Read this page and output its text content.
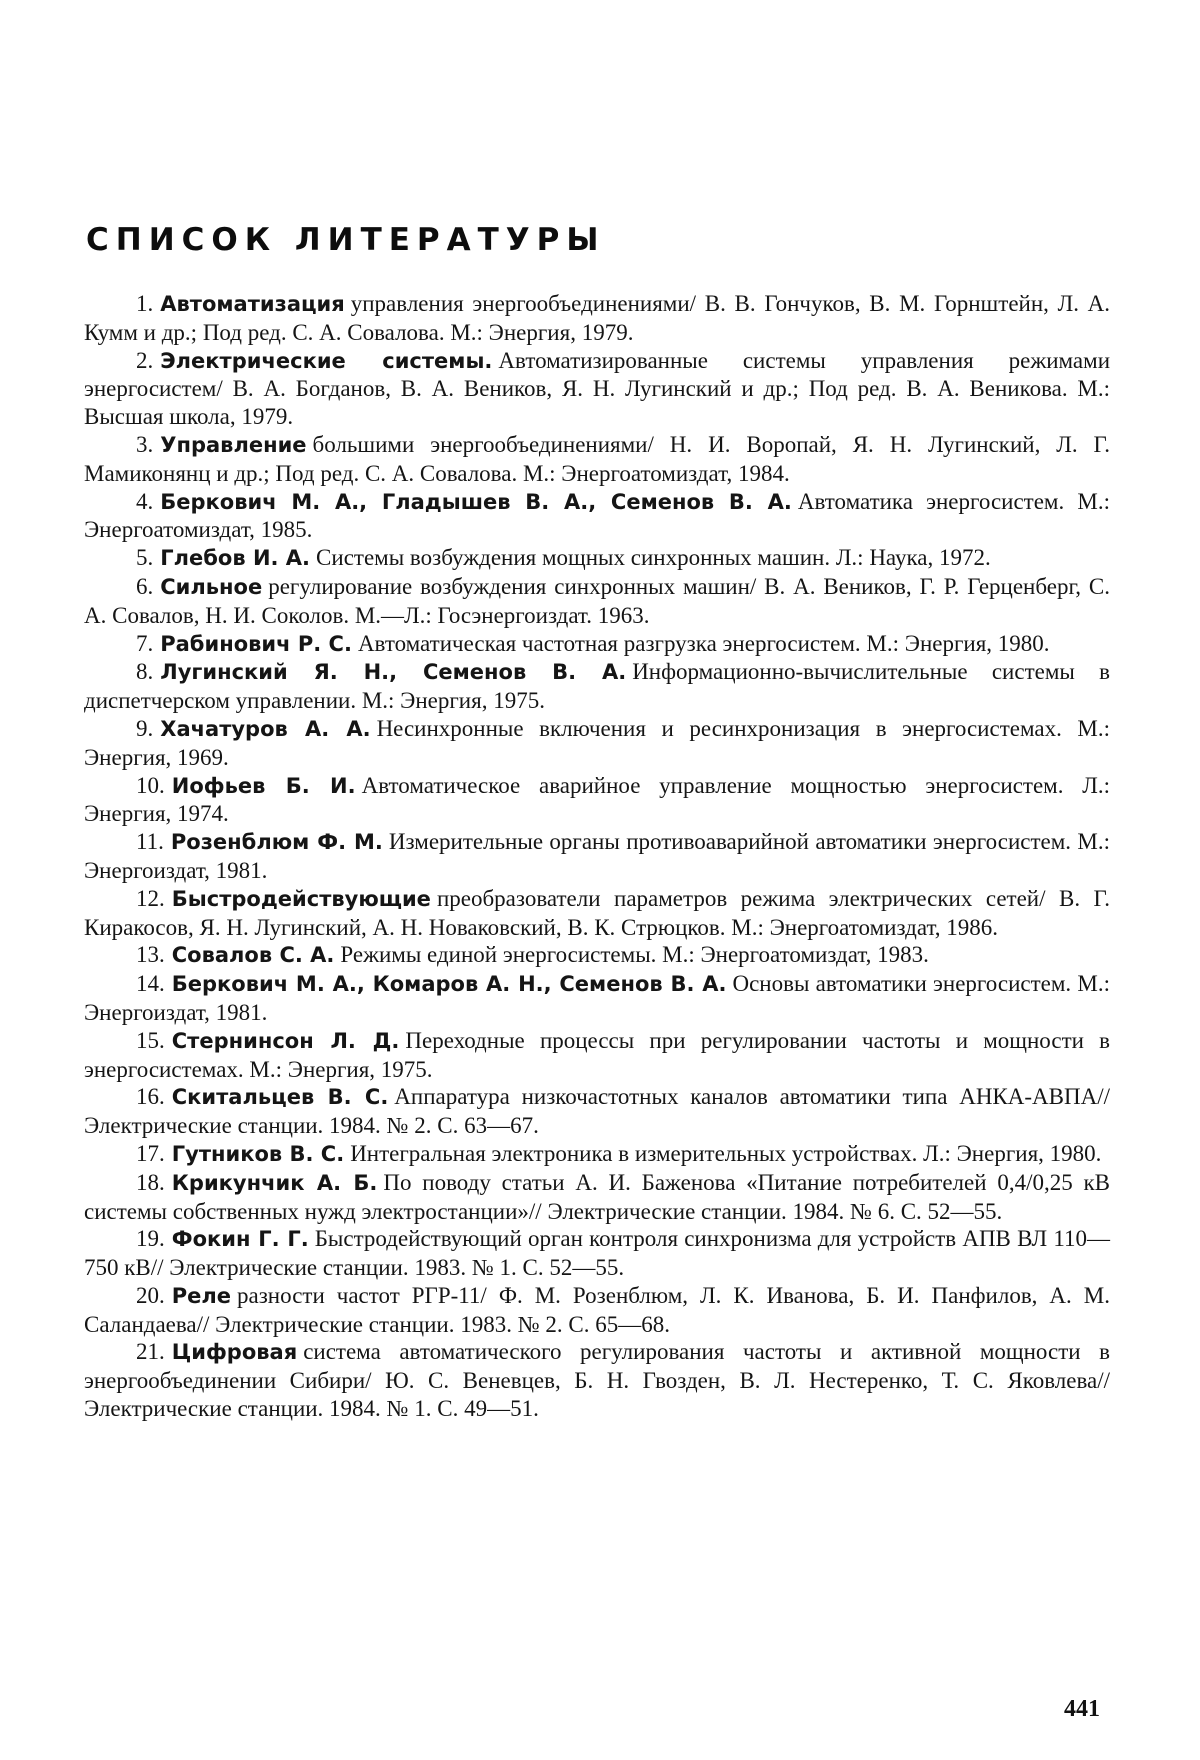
СПИСОК ЛИТЕРАТУРЫ

1. Автоматизация управления энергообъединениями/ В. В. Гончуков, В. М. Горнштейн, Л. А. Кумм и др.; Под ред. С. А. Совалова. М.: Энергия, 1979.

2. Электрические системы. Автоматизированные системы управления режимами энергосистем/ В. А. Богданов, В. А. Веников, Я. Н. Лугинский и др.; Под ред. В. А. Веникова. М.: Высшая школа, 1979.

3. Управление большими энергообъединениями/ Н. И. Воропай, Я. Н. Лугинский, Л. Г. Мамиконянц и др.; Под ред. С. А. Совалова. М.: Энергоатомиздат, 1984.

4. Беркович М. А., Гладышев В. А., Семенов В. А. Автоматика энергосистем. М.: Энергоатомиздат, 1985.

5. Глебов И. А. Системы возбуждения мощных синхронных машин. Л.: Наука, 1972.

6. Сильное регулирование возбуждения синхронных машин/ В. А. Веников, Г. Р. Герценберг, С. А. Совалов, Н. И. Соколов. М.—Л.: Госэнергоиздат. 1963.

7. Рабинович Р. С. Автоматическая частотная разгрузка энергосистем. М.: Энергия, 1980.

8. Лугинский Я. Н., Семенов В. А. Информационно-вычислительные системы в диспетчерском управлении. М.: Энергия, 1975.

9. Хачатуров А. А. Несинхронные включения и ресинхронизация в энергосистемах. М.: Энергия, 1969.

10. Иофьев Б. И. Автоматическое аварийное управление мощностью энергосистем. Л.: Энергия, 1974.

11. Розенблюм Ф. М. Измерительные органы противоаварийной автоматики энергосистем. М.: Энергоиздат, 1981.

12. Быстродействующие преобразователи параметров режима электрических сетей/ В. Г. Киракосов, Я. Н. Лугинский, А. Н. Новаковский, В. К. Стрюцков. М.: Энергоатомиздат, 1986.

13. Совалов С. А. Режимы единой энергосистемы. М.: Энергоатомиздат, 1983.

14. Беркович М. А., Комаров А. Н., Семенов В. А. Основы автоматики энергосистем. М.: Энергоиздат, 1981.

15. Стернинсон Л. Д. Переходные процессы при регулировании частоты и мощности в энергосистемах. М.: Энергия, 1975.

16. Скитальцев В. С. Аппаратура низкочастотных каналов автоматики типа АНКА-АВПА// Электрические станции. 1984. № 2. С. 63—67.

17. Гутников В. С. Интегральная электроника в измерительных устройствах. Л.: Энергия, 1980.

18. Крикунчик А. Б. По поводу статьи А. И. Баженова «Питание потребителей 0,4/0,25 кВ системы собственных нужд электростанции»// Электрические станции. 1984. № 6. С. 52—55.

19. Фокин Г. Г. Быстродействующий орган контроля синхронизма для устройств АПВ ВЛ 110—750 кВ// Электрические станции. 1983. № 1. С. 52—55.

20. Реле разности частот РГР-11/ Ф. М. Розенблюм, Л. К. Иванова, Б. И. Панфилов, А. М. Саландаева// Электрические станции. 1983. № 2. С. 65—68.

21. Цифровая система автоматического регулирования частоты и активной мощности в энергообъединении Сибири/ Ю. С. Веневцев, Б. Н. Гвозден, В. Л. Нестеренко, Т. С. Яковлева// Электрические станции. 1984. № 1. С. 49—51.

441
